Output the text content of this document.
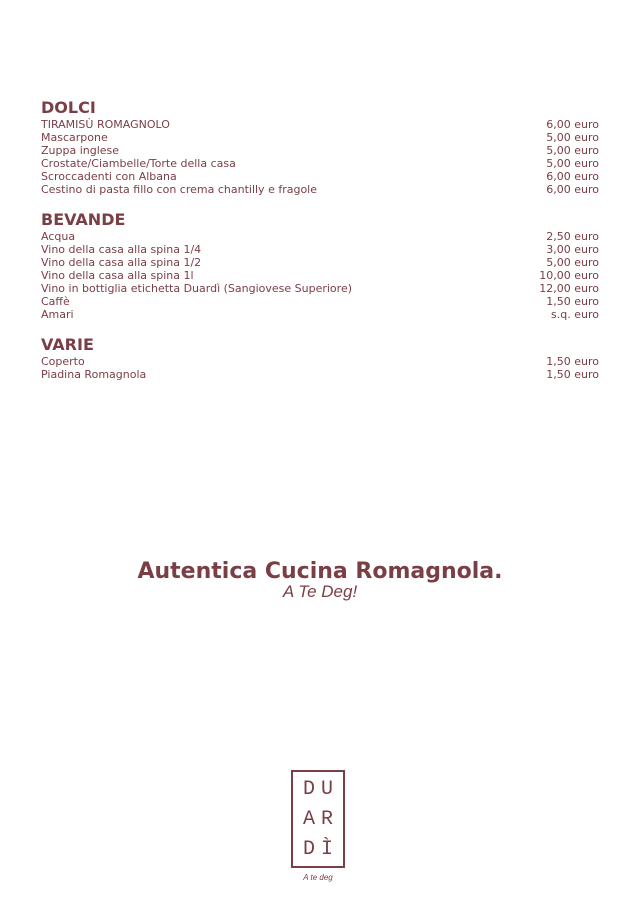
DOLCI
TIRAMISÙ ROMAGNOLO	6,00 euro
Mascarpone	5,00 euro
Zuppa inglese	5,00 euro
Crostate/Ciambelle/Torte della casa	5,00 euro
Scroccadenti con Albana	6,00 euro
Cestino di pasta fillo con crema chantilly e fragole	6,00 euro
BEVANDE
Acqua	2,50 euro
Vino della casa alla spina 1/4	3,00 euro
Vino della casa alla spina 1/2	5,00 euro
Vino della casa alla spina 1l	10,00 euro
Vino in bottiglia etichetta Duardì (Sangiovese Superiore)	12,00 euro
Caffè	1,50 euro
Amari	s.q. euro
VARIE
Coperto	1,50 euro
Piadina Romagnola	1,50 euro
Autentica Cucina Romagnola.
A Te Deg!
DU
AR
DÌ
A te deg
